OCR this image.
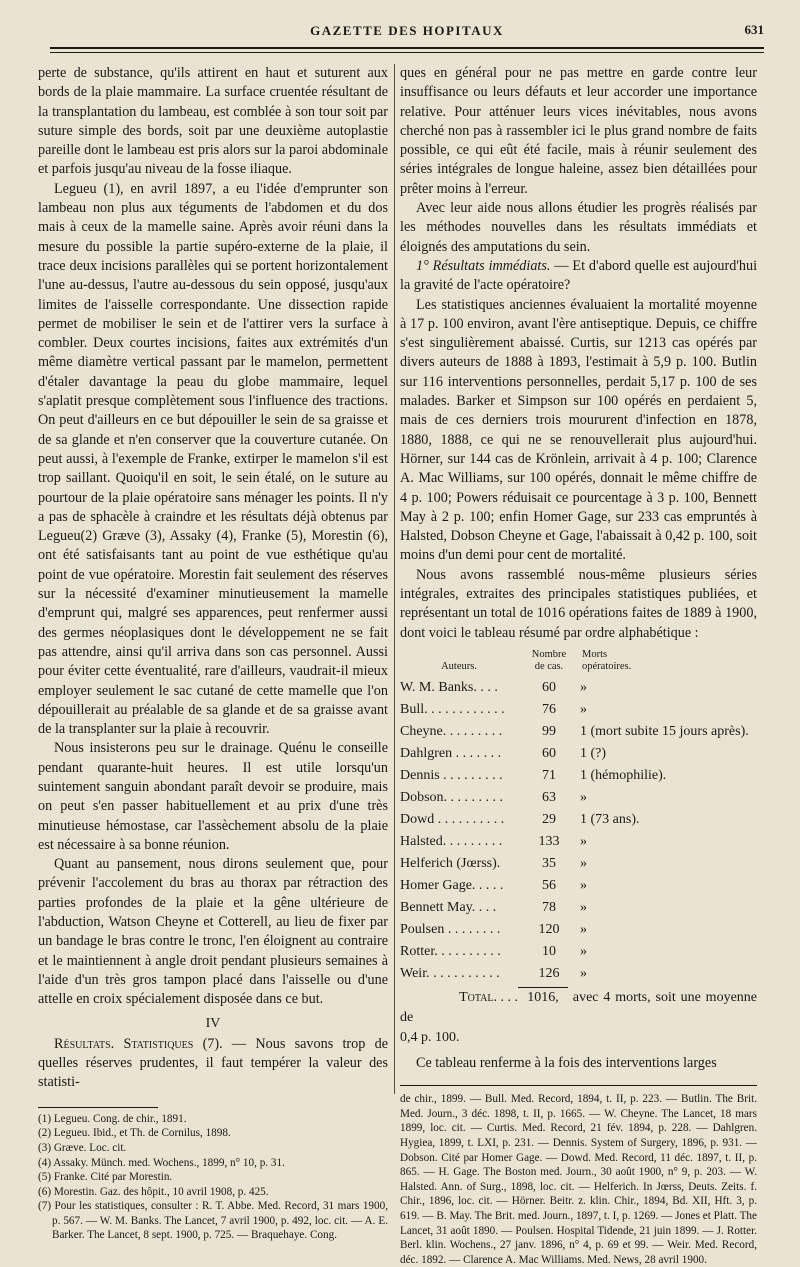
GAZETTE DES HOPITAUX	631

perte de substance, qu'ils attirent en haut et suturent aux bords de la plaie mammaire. La surface cruentée résultant de la transplantation du lambeau, est comblée à son tour soit par suture simple des bords, soit par une deuxième autoplastie pareille dont le lambeau est pris alors sur la paroi abdominale et parfois jusqu'au niveau de la fosse iliaque.

Legueu (1), en avril 1897, a eu l'idée d'emprunter son lambeau non plus aux téguments de l'abdomen et du dos mais à ceux de la mamelle saine. Après avoir réuni dans la mesure du possible la partie supéro-externe de la plaie, il trace deux incisions parallèles qui se portent horizontalement l'une au-dessus, l'autre au-dessous du sein opposé, jusqu'aux limites de l'aisselle correspondante. Une dissection rapide permet de mobiliser le sein et de l'attirer vers la surface à combler. Deux courtes incisions, faites aux extrémités d'un même diamètre vertical passant par le mamelon, permettent d'étaler davantage la peau du globe mammaire, lequel s'aplatit presque complètement sous l'influence des tractions. On peut d'ailleurs en ce but dépouiller le sein de sa graisse et de sa glande et n'en conserver que la couverture cutanée. On peut aussi, à l'exemple de Franke, extirper le mamelon s'il est trop saillant. Quoiqu'il en soit, le sein étalé, on le suture au pourtour de la plaie opératoire sans ménager les points. Il n'y a pas de sphacèle à craindre et les résultats déjà obtenus par Legueu(2) Græve (3), Assaky (4), Franke (5), Morestin (6), ont été satisfaisants tant au point de vue esthétique qu'au point de vue opératoire. Morestin fait seulement des réserves sur la nécessité d'examiner minutieusement la mamelle d'emprunt qui, malgré ses apparences, peut renfermer aussi des germes néoplasiques dont le développement ne se fait pas attendre, ainsi qu'il arriva dans son cas personnel. Aussi pour éviter cette éventualité, rare d'ailleurs, vaudrait-il mieux employer seulement le sac cutané de cette mamelle que l'on dépouillerait au préalable de sa glande et de sa graisse avant de la transplanter sur la plaie à recouvrir.

Nous insisterons peu sur le drainage. Quénu le conseille pendant quarante-huit heures. Il est utile lorsqu'un suintement sanguin abondant paraît devoir se produire, mais on peut s'en passer habituellement et au prix d'une très minutieuse hémostase, car l'assèchement absolu de la plaie est nécessaire à sa bonne réunion.

Quant au pansement, nous dirons seulement que, pour prévenir l'accolement du bras au thorax par rétraction des parties profondes de la plaie et la gêne ultérieure de l'abduction, Watson Cheyne et Cotterell, au lieu de fixer par un bandage le bras contre le tronc, l'en éloignent au contraire et le maintiennent à angle droit pendant plusieurs semaines à l'aide d'un très gros tampon placé dans l'aisselle ou d'une attelle en croix spécialement disposée dans ce but.

IV

Résultats. Statistiques (7). — Nous savons trop de quelles réserves prudentes, il faut tempérer la valeur des statisti-

(1) Legueu. Cong. de chir., 1891.
(2) Legueu. Ibid., et Th. de Cornilus, 1898.
(3) Græve. Loc. cit.
(4) Assaky. Münch. med. Wochens., 1899, n° 10, p. 31.
(5) Franke. Cité par Morestin.
(6) Morestin. Gaz. des hôpit., 10 avril 1908, p. 425.
(7) Pour les statistiques, consulter : R. T. Abbe. Med. Record, 31 mars 1900, p. 567. — W. M. Banks. The Lancet, 7 avril 1900, p. 492, loc. cit. — A. E. Barker. The Lancet, 8 sept. 1900, p. 725. — Braquehaye. Cong.

ques en général pour ne pas mettre en garde contre leur insuffisance ou leurs défauts et leur accorder une importance relative. Pour atténuer leurs vices inévitables, nous avons cherché non pas à rassembler ici le plus grand nombre de faits possible, ce qui eût été facile, mais à réunir seulement des séries intégrales de longue haleine, assez bien détaillées pour prêter moins à l'erreur.

Avec leur aide nous allons étudier les progrès réalisés par les méthodes nouvelles dans les résultats immédiats et éloignés des amputations du sein.

1° Résultats immédiats. — Et d'abord quelle est aujourd'hui la gravité de l'acte opératoire?

Les statistiques anciennes évaluaient la mortalité moyenne à 17 p. 100 environ, avant l'ère antiseptique. Depuis, ce chiffre s'est singulièrement abaissé. Curtis, sur 1213 cas opérés par divers auteurs de 1888 à 1893, l'estimait à 5,9 p. 100. Butlin sur 116 interventions personnelles, perdait 5,17 p. 100 de ses malades. Barker et Simpson sur 100 opérés en perdaient 5, mais de ces derniers trois moururent d'infection en 1878, 1880, 1888, ce qui ne se renouvellerait plus aujourd'hui. Hörner, sur 144 cas de Krönlein, arrivait à 4 p. 100; Clarence A. Mac Williams, sur 100 opérés, donnait le même chiffre de 4 p. 100; Powers réduisait ce pourcentage à 3 p. 100, Bennett May à 2 p. 100; enfin Homer Gage, sur 233 cas empruntés à Halsted, Dobson Cheyne et Gage, l'abaissait à 0,42 p. 100, soit moins d'un demi pour cent de mortalité.

Nous avons rassemblé nous-même plusieurs séries intégrales, extraites des principales statistiques publiées, et représentant un total de 1016 opérations faites de 1889 à 1900, dont voici le tableau résumé par ordre alphabétique :

Auteurs.	Nombre
de cas.	Morts
opératoires.
W. M. Banks. . . .	60	»
Bull. . . . . . . . . . . .	76	»
Cheyne. . . . . . . . .	99	1 (mort subite 15 jours après).
Dahlgren . . . . . . .	60	1 (?)
Dennis . . . . . . . . .	71	1 (hémophilie).
Dobson. . . . . . . . .	63	»
Dowd . . . . . . . . . .	29	1 (73 ans).
Halsted. . . . . . . . .	133	»
Helferich (Jœrss).	35	»
Homer Gage. . . . .	56	»
Bennett May. . . .	78	»
Poulsen . . . . . . . .	120	»
Rotter. . . . . . . . . .	10	»
Weir. . . . . . . . . . .	126	»
Total. . . . 1016, avec 4 morts, soit une moyenne de
0,4 p. 100.

Ce tableau renferme à la fois des interventions larges

de chir., 1899. — Bull. Med. Record, 1894, t. II, p. 223. — Butlin. The Brit. Med. Journ., 3 déc. 1898, t. II, p. 1665. — W. Cheyne. The Lancet, 18 mars 1899, loc. cit. — Curtis. Med. Record, 21 fév. 1894, p. 228. — Dahlgren. Hygiea, 1899, t. LXI, p. 231. — Dennis. System of Surgery, 1896, p. 931. — Dobson. Cité par Homer Gage. — Dowd. Med. Record, 11 déc. 1897, t. II, p. 865. — H. Gage. The Boston med. Journ., 30 août 1900, n° 9, p. 203. — W. Halsted. Ann. of Surg., 1898, loc. cit. — Helferich. In Jœrss, Deuts. Zeits. f. Chir., 1896, loc. cit. — Hörner. Beitr. z. klin. Chir., 1894, Bd. XII, Hft. 3, p. 619. — B. May. The Brit. med. Journ., 1897, t. I, p. 1269. — Jones et Platt. The Lancet, 31 août 1890. — Poulsen. Hospital Tidende, 21 juin 1899. — J. Rotter. Berl. klin. Wochens., 27 janv. 1896, n° 4, p. 69 et 99. — Weir. Med. Record, déc. 1892. — Clarence A. Mac Williams. Med. News, 28 avril 1900.
